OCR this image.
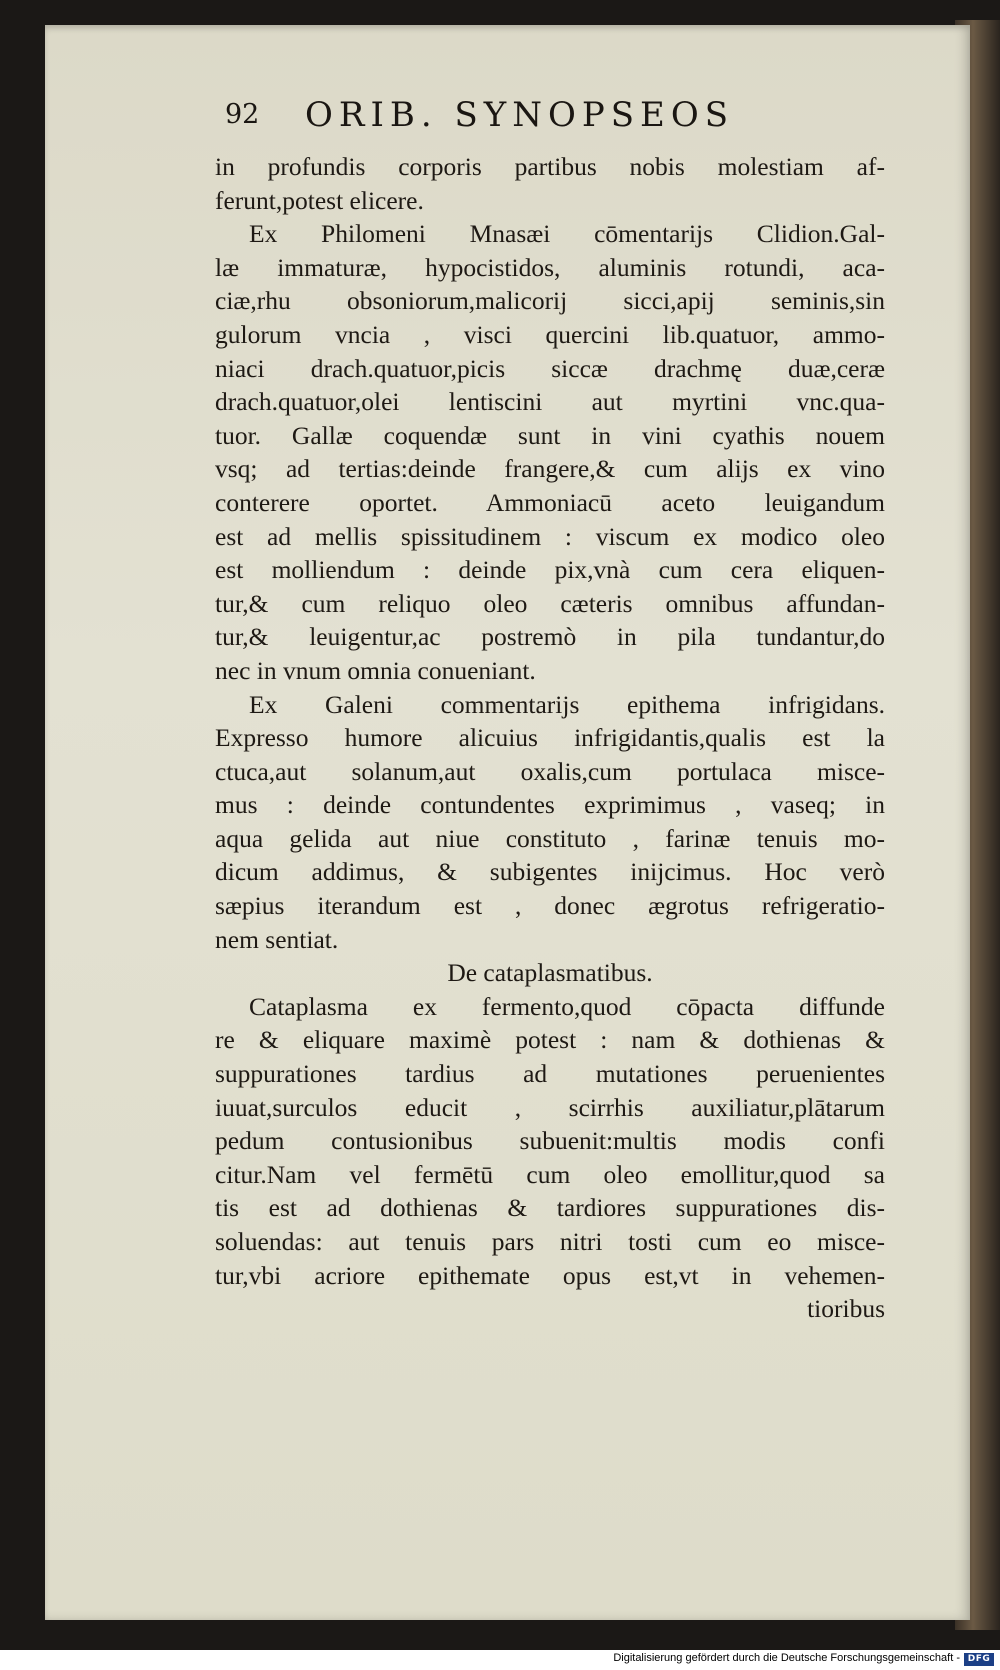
92 ORIB. SYNOPSEOS
in profundis corporis partibus nobis molestiam af-
ferunt,potest elicere.
Ex Philomeni Mnasæi cōmentarijs Clidion.Gal-
læ immaturæ, hypocistidos, aluminis rotundi, aca-
ciæ,rhu obsoniorum,malicorij sicci,apij seminis,sin
gulorum vncia , visci quercini lib.quatuor, ammo-
niaci drach.quatuor,picis siccæ drachmę duæ,ceræ
drach.quatuor,olei lentiscini aut myrtini vnc.qua-
tuor. Gallæ coquendæ sunt in vini cyathis nouem
vsq; ad tertias:deinde frangere,& cum alijs ex vino
conterere oportet. Ammoniacū aceto leuigandum
est ad mellis spissitudinem : viscum ex modico oleo
est molliendum : deinde pix,vnà cum cera eliquen-
tur,& cum reliquo oleo cæteris omnibus affundan-
tur,& leuigentur,ac postremò in pila tundantur,do
nec in vnum omnia conueniant.
Ex Galeni commentarijs epithema infrigidans.
Expresso humore alicuius infrigidantis,qualis est la
ctuca,aut solanum,aut oxalis,cum portulaca misce-
mus : deinde contundentes exprimimus , vaseq; in
aqua gelida aut niue constituto , farinæ tenuis mo-
dicum addimus, & subigentes inijcimus. Hoc verò
sæpius iterandum est , donec ægrotus refrigeratio-
nem sentiat.
De cataplasmatibus.
Cataplasma ex fermento,quod cōpacta diffunde
re & eliquare maximè potest : nam & dothienas &
suppurationes tardius ad mutationes peruenientes
iuuat,surculos educit , scirrhis auxiliatur,plātarum
pedum contusionibus subuenit:multis modis confi
citur.Nam vel fermētū cum oleo emollitur,quod sa
tis est ad dothienas & tardiores suppurationes dis-
soluendas: aut tenuis pars nitri tosti cum eo misce-
tur,vbi acriore epithemate opus est,vt in vehemen-
tioribus
Digitalisierung gefördert durch die Deutsche Forschungsgemeinschaft - DFG
